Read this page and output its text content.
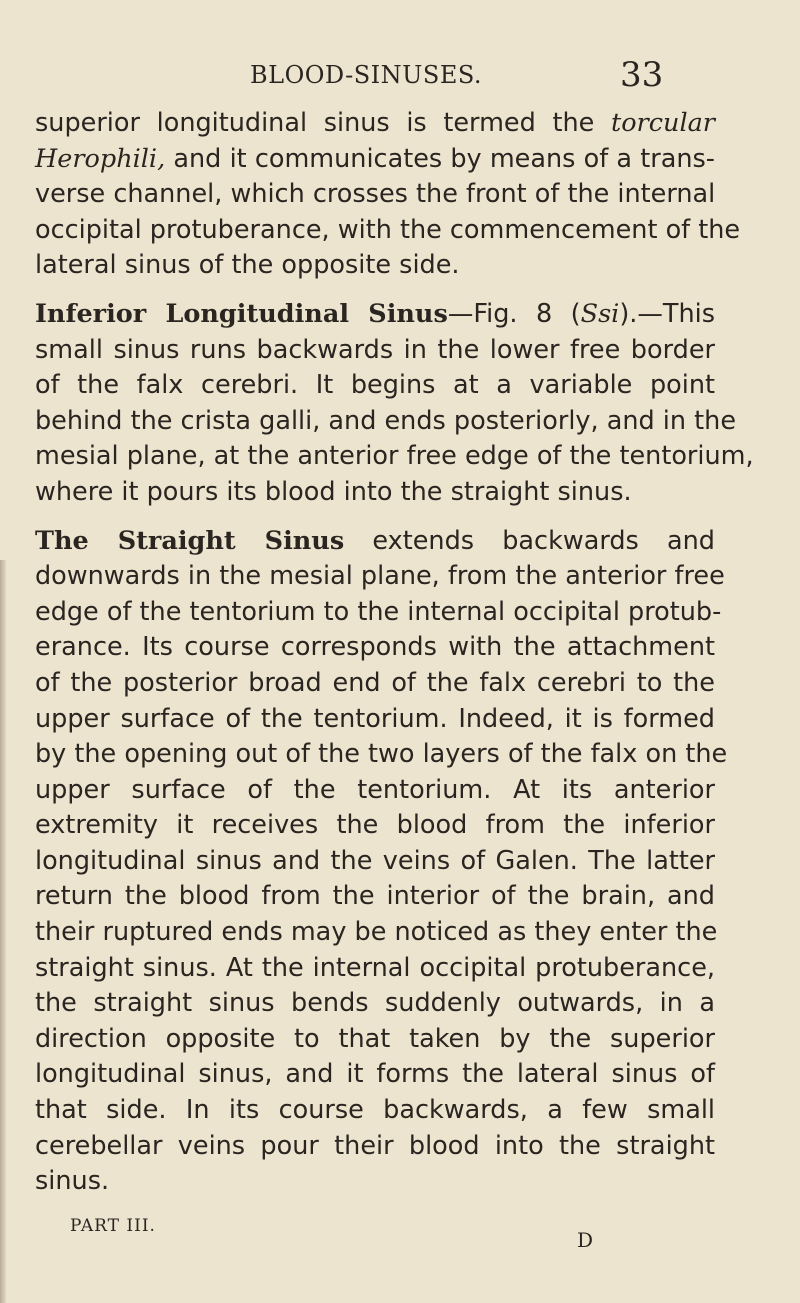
BLOOD-SINUSES.	33
superior longitudinal sinus is termed the torcular
Herophili, and it communicates by means of a trans-
verse channel, which crosses the front of the internal
occipital protuberance, with the commencement of the
lateral sinus of the opposite side.
Inferior Longitudinal Sinus—Fig. 8 (Ssi).—This
small sinus runs backwards in the lower free border
of the falx cerebri. It begins at a variable point
behind the crista galli, and ends posteriorly, and in the
mesial plane, at the anterior free edge of the tentorium,
where it pours its blood into the straight sinus.
The Straight Sinus extends backwards and
downwards in the mesial plane, from the anterior free
edge of the tentorium to the internal occipital protub-
erance. Its course corresponds with the attachment
of the posterior broad end of the falx cerebri to the
upper surface of the tentorium. Indeed, it is formed
by the opening out of the two layers of the falx on the
upper surface of the tentorium. At its anterior
extremity it receives the blood from the inferior
longitudinal sinus and the veins of Galen. The latter
return the blood from the interior of the brain, and
their ruptured ends may be noticed as they enter the
straight sinus. At the internal occipital protuberance,
the straight sinus bends suddenly outwards, in a
direction opposite to that taken by the superior
longitudinal sinus, and it forms the lateral sinus of
that side. In its course backwards, a few small
cerebellar veins pour their blood into the straight
sinus.
PART III.
D
